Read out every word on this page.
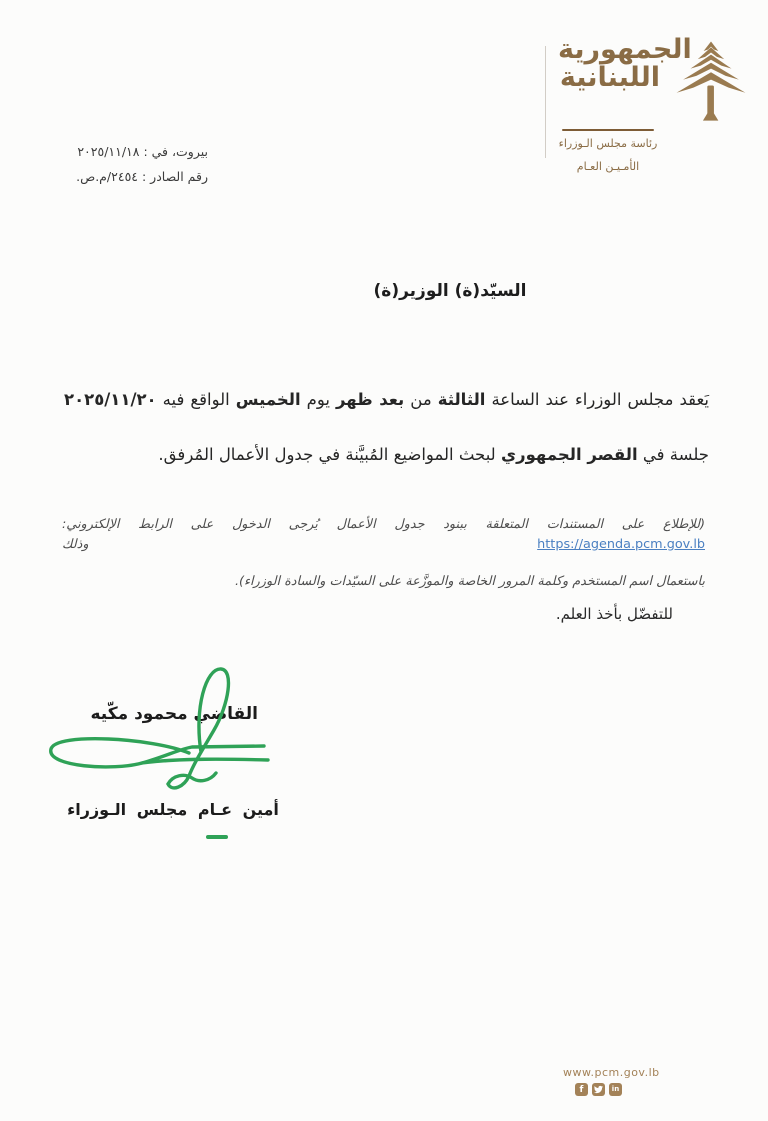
الجمهورية
اللبنانية
رئاسة مجلس الـوزراء
الأمـيـن العـام
بيروت، في : ٢٠٢٥/١١/١٨
رقم الصادر : ٢٤٥٤/م.ص.
السيّد(ة) الوزير(ة)
يَعقد مجلس الوزراء عند الساعة الثالثة من بعد ظهر يوم الخميس الواقع فيه ٢٠٢٥/١١/٢٠
جلسة في القصر الجمهوري لبحث المواضيع المُبيَّنة في جدول الأعمال المُرفق.
(للإطلاع على المستندات المتعلقة ببنود جدول الأعمال يُرجى الدخول على الرابط الإلكتروني: https://agenda.pcm.gov.lb وذلك
باستعمال اسم المستخدم وكلمة المرور الخاصة والموزَّعة على السيّدات والسادة الوزراء).
للتفضّل بأخذ العلم.
القاضي محمود مكّيه
أمين عـام مجلس الـوزراء
www.pcm.gov.lb
f	in
